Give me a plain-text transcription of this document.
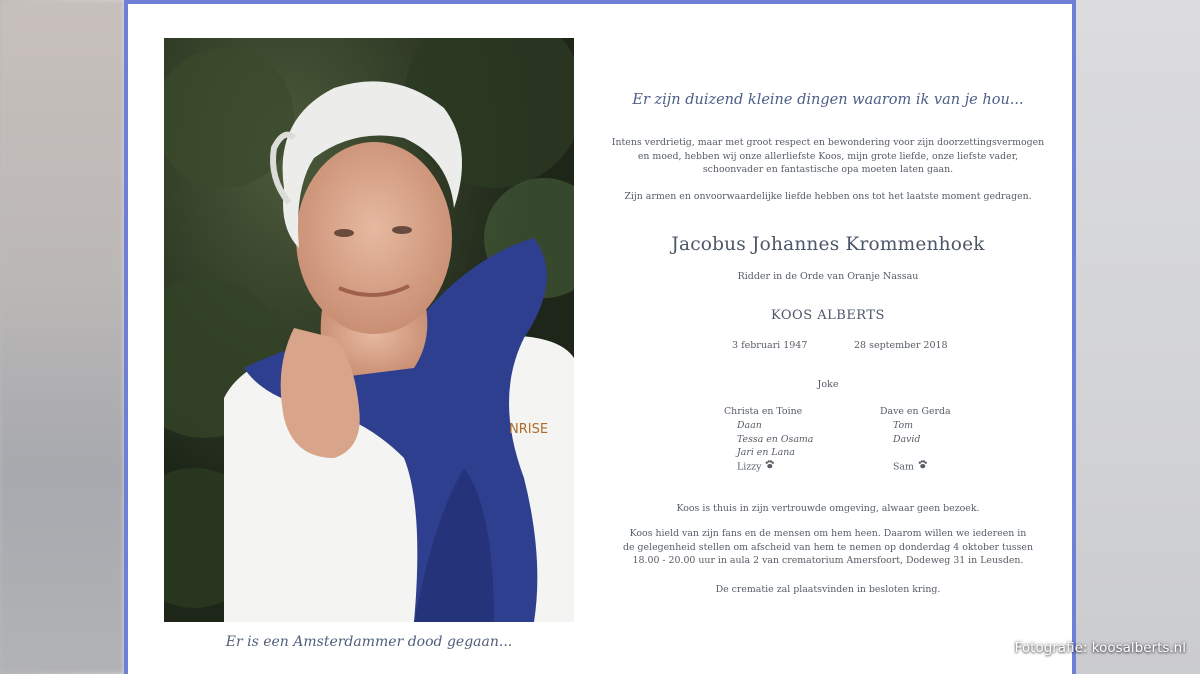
NRISE
Er is een Amsterdammer dood gegaan...
Er zijn duizend kleine dingen waarom ik van je hou...
Intens verdrietig, maar met groot respect en bewondering voor zijn doorzettingsvermogen
en moed, hebben wij onze allerliefste Koos, mijn grote liefde, onze liefste vader,
schoonvader en fantastische opa moeten laten gaan.
Zijn armen en onvoorwaardelijke liefde hebben ons tot het laatste moment gedragen.
Jacobus Johannes Krommenhoek
Ridder in de Orde van Oranje Nassau
KOOS ALBERTS
3 februari 1947	28 september 2018
Joke
Christa en Toine
Daan
Tessa en Osama
Jari en Lana
Lizzy
Dave en Gerda
Tom
David
Sam
Koos is thuis in zijn vertrouwde omgeving, alwaar geen bezoek.
Koos hield van zijn fans en de mensen om hem heen. Daarom willen we iedereen in
de gelegenheid stellen om afscheid van hem te nemen op donderdag 4 oktober tussen
18.00 - 20.00 uur in aula 2 van crematorium Amersfoort, Dodeweg 31 in Leusden.
De crematie zal plaatsvinden in besloten kring.
Fotografie: koosalberts.nl
